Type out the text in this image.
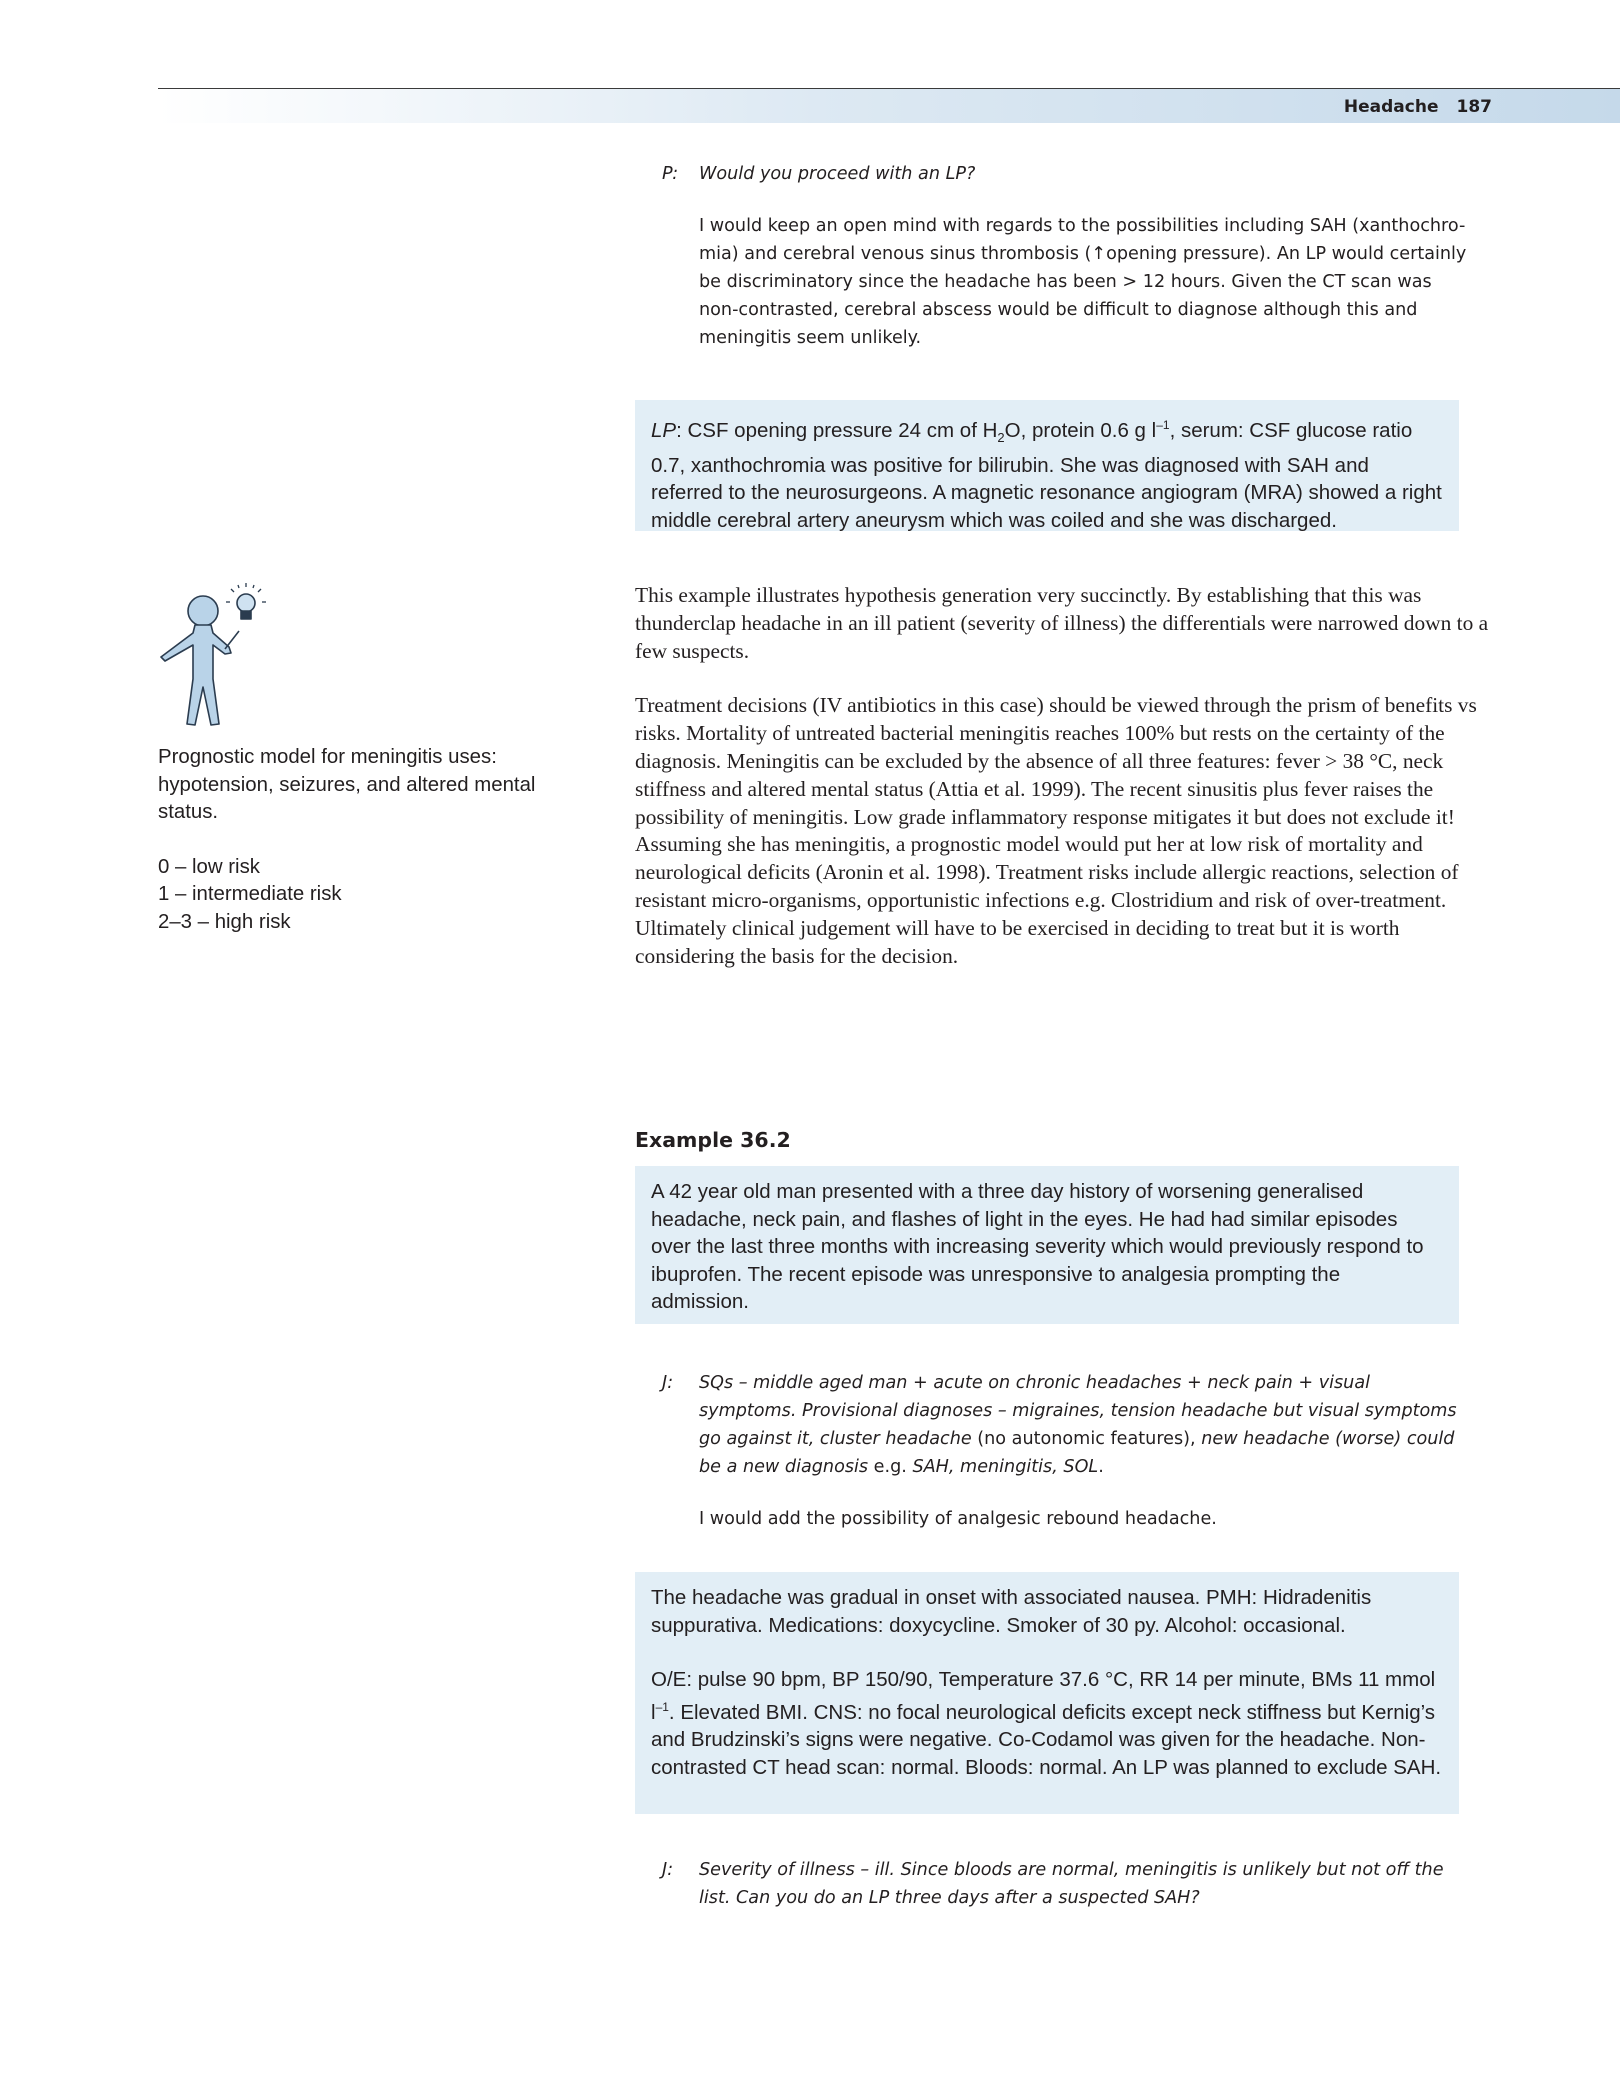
Headache 187
P: Would you proceed with an LP?

I would keep an open mind with regards to the possibilities including SAH (xanthochro-mia) and cerebral venous sinus thrombosis (↑opening pressure). An LP would certainly be discriminatory since the headache has been > 12 hours. Given the CT scan was non-contrasted, cerebral abscess would be difficult to diagnose although this and meningitis seem unlikely.

LP: CSF opening pressure 24 cm of $H_2O$, protein 0.6 g $l^{-1}$, serum: CSF glucose ratio 0.7, xanthochromia was positive for bilirubin. She was diagnosed with SAH and referred to the neurosurgeons. A magnetic resonance angiogram (MRA) showed a right middle cerebral artery aneurysm which was coiled and she was discharged.

Prognostic model for meningitis uses: hypotension, seizures, and altered mental status.

0 – low risk
1 – intermediate risk
2–3 – high risk

This example illustrates hypothesis generation very succinctly. By establishing that this was thunderclap headache in an ill patient (severity of illness) the differentials were narrowed down to a few suspects.

Treatment decisions (IV antibiotics in this case) should be viewed through the prism of benefits vs risks. Mortality of untreated bacterial meningitis reaches 100% but rests on the certainty of the diagnosis. Meningitis can be excluded by the absence of all three features: fever > 38 °C, neck stiffness and altered mental status (Attia et al. 1999). The recent sinusitis plus fever raises the possibility of meningitis. Low grade inflammatory response mitigates it but does not exclude it! Assuming she has meningitis, a prognostic model would put her at low risk of mortality and neurological deficits (Aronin et al. 1998). Treatment risks include allergic reactions, selection of resistant micro-organisms, opportunistic infections e.g. Clostridium and risk of over-treatment. Ultimately clinical judgement will have to be exercised in deciding to treat but it is worth considering the basis for the decision.

Example 36.2

A 42 year old man presented with a three day history of worsening generalised headache, neck pain, and flashes of light in the eyes. He had had similar episodes over the last three months with increasing severity which would previously respond to ibuprofen. The recent episode was unresponsive to analgesia prompting the admission.

J: SQs – middle aged man + acute on chronic headaches + neck pain + visual symptoms. Provisional diagnoses – migraines, tension headache but visual symptoms go against it, cluster headache (no autonomic features), new headache (worse) could be a new diagnosis e.g. SAH, meningitis, SOL.

I would add the possibility of analgesic rebound headache.

The headache was gradual in onset with associated nausea. PMH: Hidradenitis suppurativa. Medications: doxycycline. Smoker of 30 py. Alcohol: occasional.

O/E: pulse 90 bpm, BP 150/90, Temperature 37.6 °C, RR 14 per minute, BMs 11 mmol $l^{-1}$. Elevated BMI. CNS: no focal neurological deficits except neck stiffness but Kernig’s and Brudzinski’s signs were negative. Co-Codamol was given for the headache. Non-contrasted CT head scan: normal. Bloods: normal. An LP was planned to exclude SAH.

J: Severity of illness – ill. Since bloods are normal, meningitis is unlikely but not off the list. Can you do an LP three days after a suspected SAH?
